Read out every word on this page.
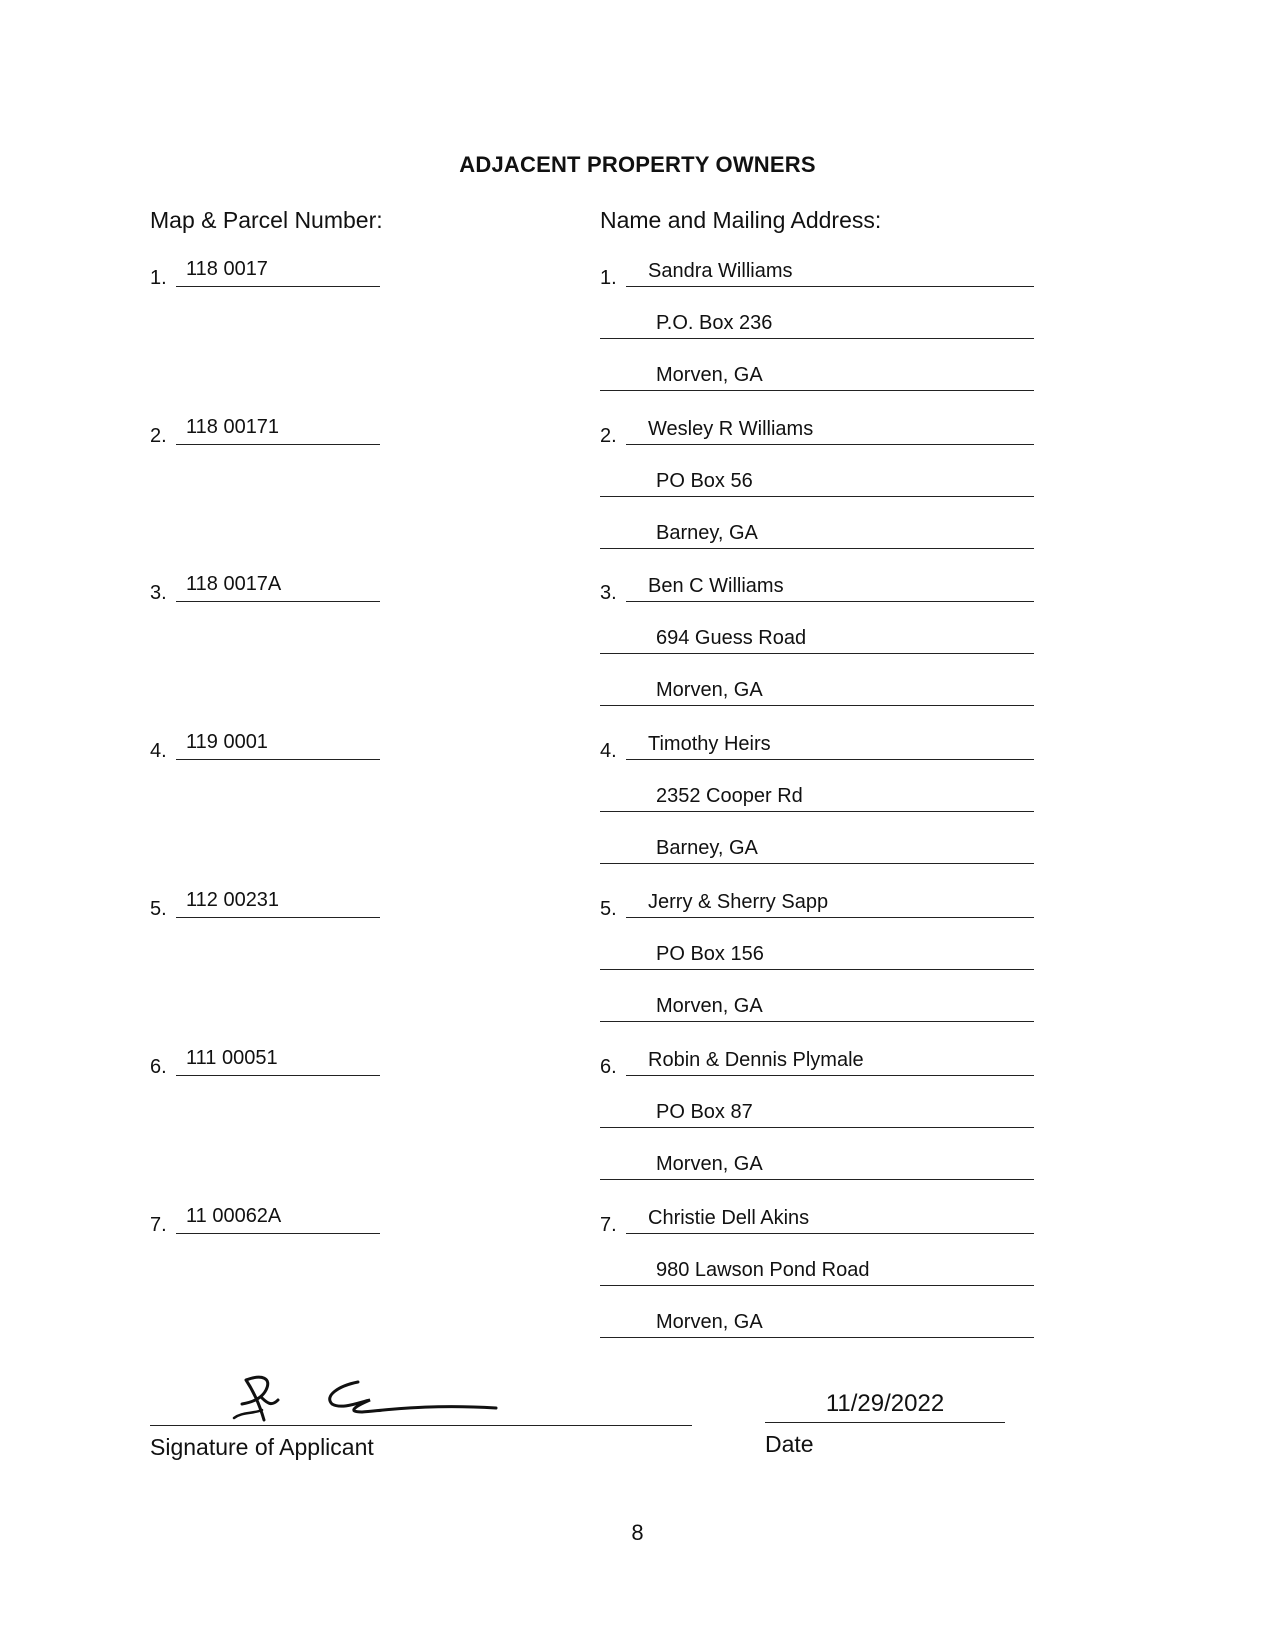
ADJACENT PROPERTY OWNERS
Map & Parcel Number:	Name and Mailing Address:
1. 118 0017	1. Sandra Williams
P.O. Box 236
Morven, GA
2. 118 00171	2. Wesley R Williams
PO Box 56
Barney, GA
3. 118 0017A	3. Ben C Williams
694 Guess Road
Morven, GA
4. 119 0001	4. Timothy Heirs
2352 Cooper Rd
Barney, GA
5. 112 00231	5. Jerry & Sherry Sapp
PO Box 156
Morven, GA
6. 111 00051	6. Robin & Dennis Plymale
PO Box 87
Morven, GA
7. 11 00062A	7. Christie Dell Akins
980 Lawson Pond Road
Morven, GA
Signature of Applicant
11/29/2022
Date
8
